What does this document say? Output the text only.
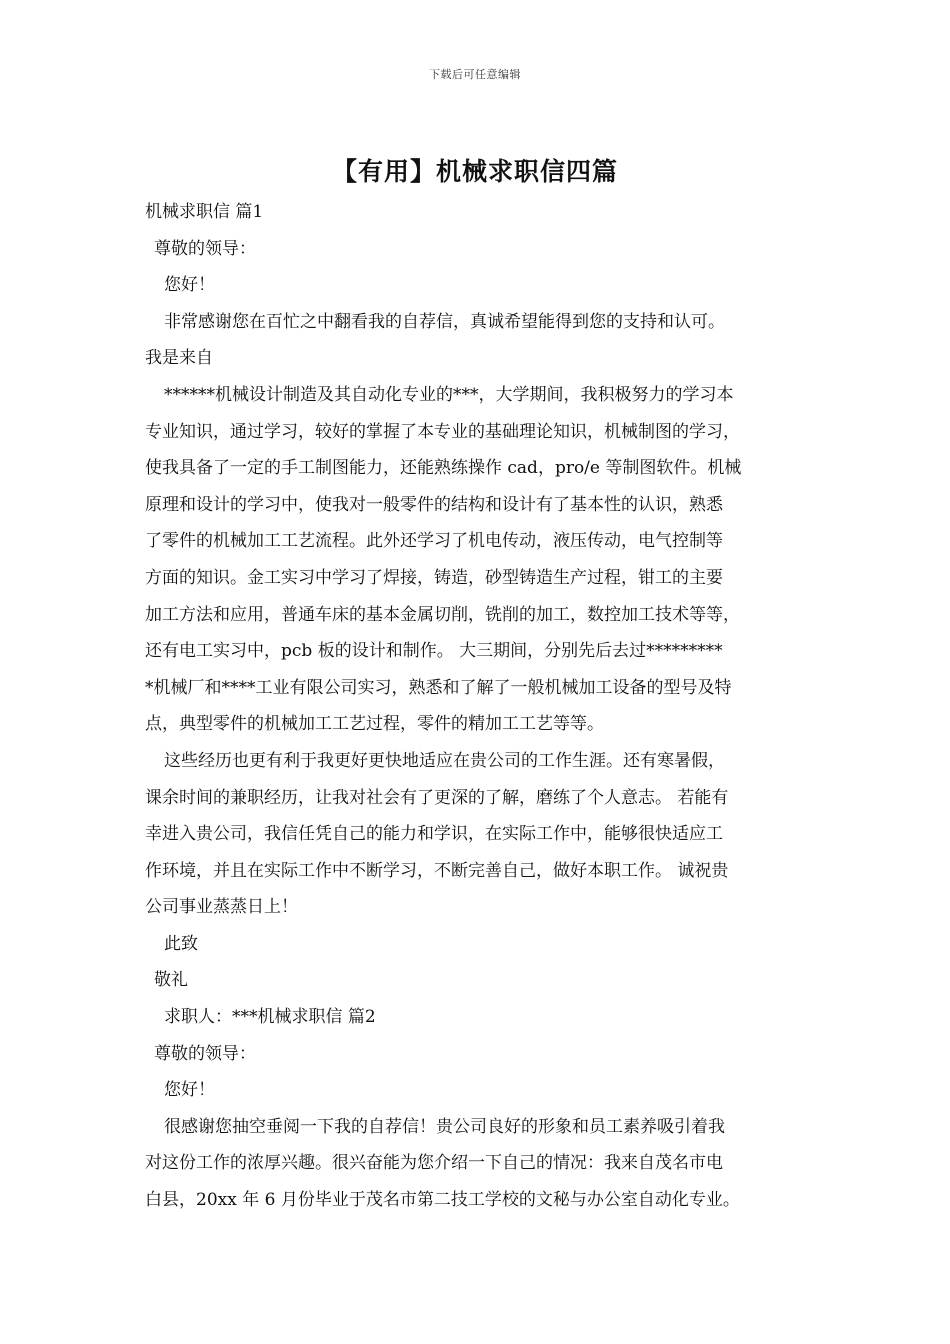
下载后可任意编辑
【有用】机械求职信四篇

机械求职信 篇1

尊敬的领导：

您好！

非常感谢您在百忙之中翻看我的自荐信，真诚希望能得到您的支持和认可。

我是来自

******机械设计制造及其自动化专业的***，大学期间，我积极努力的学习本

专业知识，通过学习，较好的掌握了本专业的基础理论知识，机械制图的学习，

使我具备了一定的手工制图能力，还能熟练操作 cad，pro/e 等制图软件。机械

原理和设计的学习中，使我对一般零件的结构和设计有了基本性的认识，熟悉

了零件的机械加工工艺流程。此外还学习了机电传动，液压传动，电气控制等

方面的知识。金工实习中学习了焊接，铸造，砂型铸造生产过程，钳工的主要

加工方法和应用，普通车床的基本金属切削，铣削的加工，数控加工技术等等，

还有电工实习中，pcb 板的设计和制作。 大三期间，分别先后去过*********

*机械厂和****工业有限公司实习，熟悉和了解了一般机械加工设备的型号及特

点，典型零件的机械加工工艺过程，零件的精加工工艺等等。

这些经历也更有利于我更好更快地适应在贵公司的工作生涯。还有寒暑假，

课余时间的兼职经历，让我对社会有了更深的了解，磨练了个人意志。 若能有

幸进入贵公司，我信任凭自己的能力和学识，在实际工作中，能够很快适应工

作环境，并且在实际工作中不断学习，不断完善自己，做好本职工作。 诚祝贵

公司事业蒸蒸日上！

此致

敬礼

求职人：***机械求职信 篇2

尊敬的领导：

您好！

很感谢您抽空垂阅一下我的自荐信！贵公司良好的形象和员工素养吸引着我

对这份工作的浓厚兴趣。很兴奋能为您介绍一下自己的情况：我来自茂名市电

白县，20xx 年 6 月份毕业于茂名市第二技工学校的文秘与办公室自动化专业。
